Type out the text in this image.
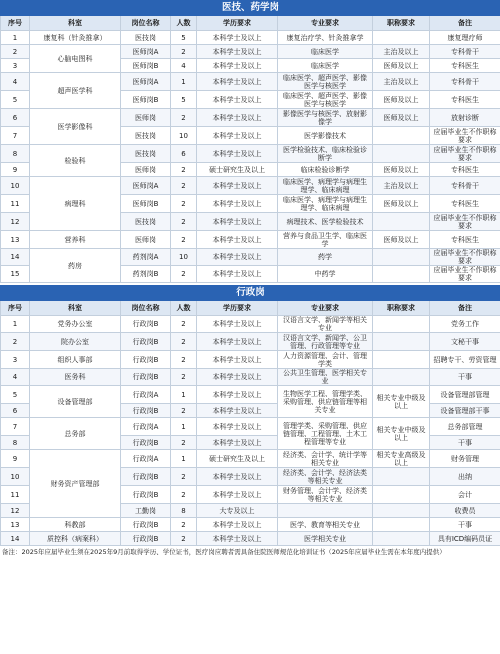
医技、药学岗							
序号	科室	岗位名称	人数	学历要求	专业要求	职称要求	备注
1	康复科（针灸推拿）	医技岗	5	本科学士及以上	康复治疗学、针灸推拿学		康复理疗师
2	心脑电图科	医师岗A	2	本科学士及以上	临床医学	主治及以上	专科骨干
3		医师岗B	4	本科学士及以上	临床医学	医师及以上	专科医生
4	超声医学科	医师岗A	1	本科学士及以上	临床医学、超声医学、影像医学与核医学	主治及以上	专科骨干
5		医师岗B	5	本科学士及以上	临床医学、超声医学、影像医学与核医学	医师及以上	专科医生
6	医学影像科	医师岗	2	本科学士及以上	影像医学与核医学、放射影像学	医师及以上	放射诊断
7		医技岗	10	本科学士及以上	医学影像技术		应届毕业生不作职称要求
8	检验科	医技岗	6	本科学士及以上	医学检验技术、临床检验诊断学		应届毕业生不作职称要求
9		医师岗	2	硕士研究生及以上	临床检验诊断学	医师及以上	专科医生
10	病理科	医师岗A	2	本科学士及以上	临床医学、病理学与病理生理学、临床病理	主治及以上	专科骨干
11		医师岗B	2	本科学士及以上	临床医学、病理学与病理生理学、临床病理	医师及以上	专科医生
12		医技岗	2	本科学士及以上	病理技术、医学检验技术		应届毕业生不作职称要求
13	营养科	医师岗	2	本科学士及以上	营养与食品卫生学、临床医学	医师及以上	专科医生
14	药房	药剂岗A	10	本科学士及以上	药学		应届毕业生不作职称要求
15		药剂岗B	2	本科学士及以上	中药学		应届毕业生不作职称要求
行政岗							
序号	科室	岗位名称	人数	学历要求	专业要求	职称要求	备注
1	党务办公室	行政岗B	2	本科学士及以上	汉语言文学、新闻学等相关专业		党务工作
2	院办公室	行政岗B	2	本科学士及以上	汉语言文学、新闻学、公卫管理、行政管理等专业		文秘干事
3	组织人事部	行政岗B	2	本科学士及以上	人力资源管理、会计、管理学类		招聘专干、劳资管理
4	医务科	行政岗B	2	本科学士及以上	公共卫生管理、医学相关专业		干事
5	设备管理部	行政岗A	1	本科学士及以上	生物医学工程、管理学类、采购管理、供应链管理等相关专业	相关专业中级及以上	设备管理部管理
6		行政岗B	2	本科学士及以上			设备管理部干事
7	总务部	行政岗A	1	本科学士及以上	管理学类、采购管理、供应链管理、工程管理、土木工程管理等专业	相关专业中级及以上	总务部管理
8		行政岗B	2	本科学士及以上			干事
9	财务资产管理部	行政岗A	1	硕士研究生及以上	经济类、会计学、统计学等相关专业	相关专业高级及以上	财务管理
10		行政岗B	2	本科学士及以上	经济类、会计学、经济法类等相关专业		出纳
11		行政岗B	2	本科学士及以上	财务管理、会计学、经济类等相关专业		会计
12		工勤岗	8	大专及以上			收费员
13	科教部	行政岗B	2	本科学士及以上	医学、教育等相关专业		干事
14	质控科（病案科）	行政岗B	2	本科学士及以上	医学相关专业		具有ICD编码员证
备注：2025年应届毕业生须在2025年9月前取得学历、学位证书，医疗岗应聘者需具备住院医师规范化培训证书（2025年应届毕业生需在本年度内提供）
